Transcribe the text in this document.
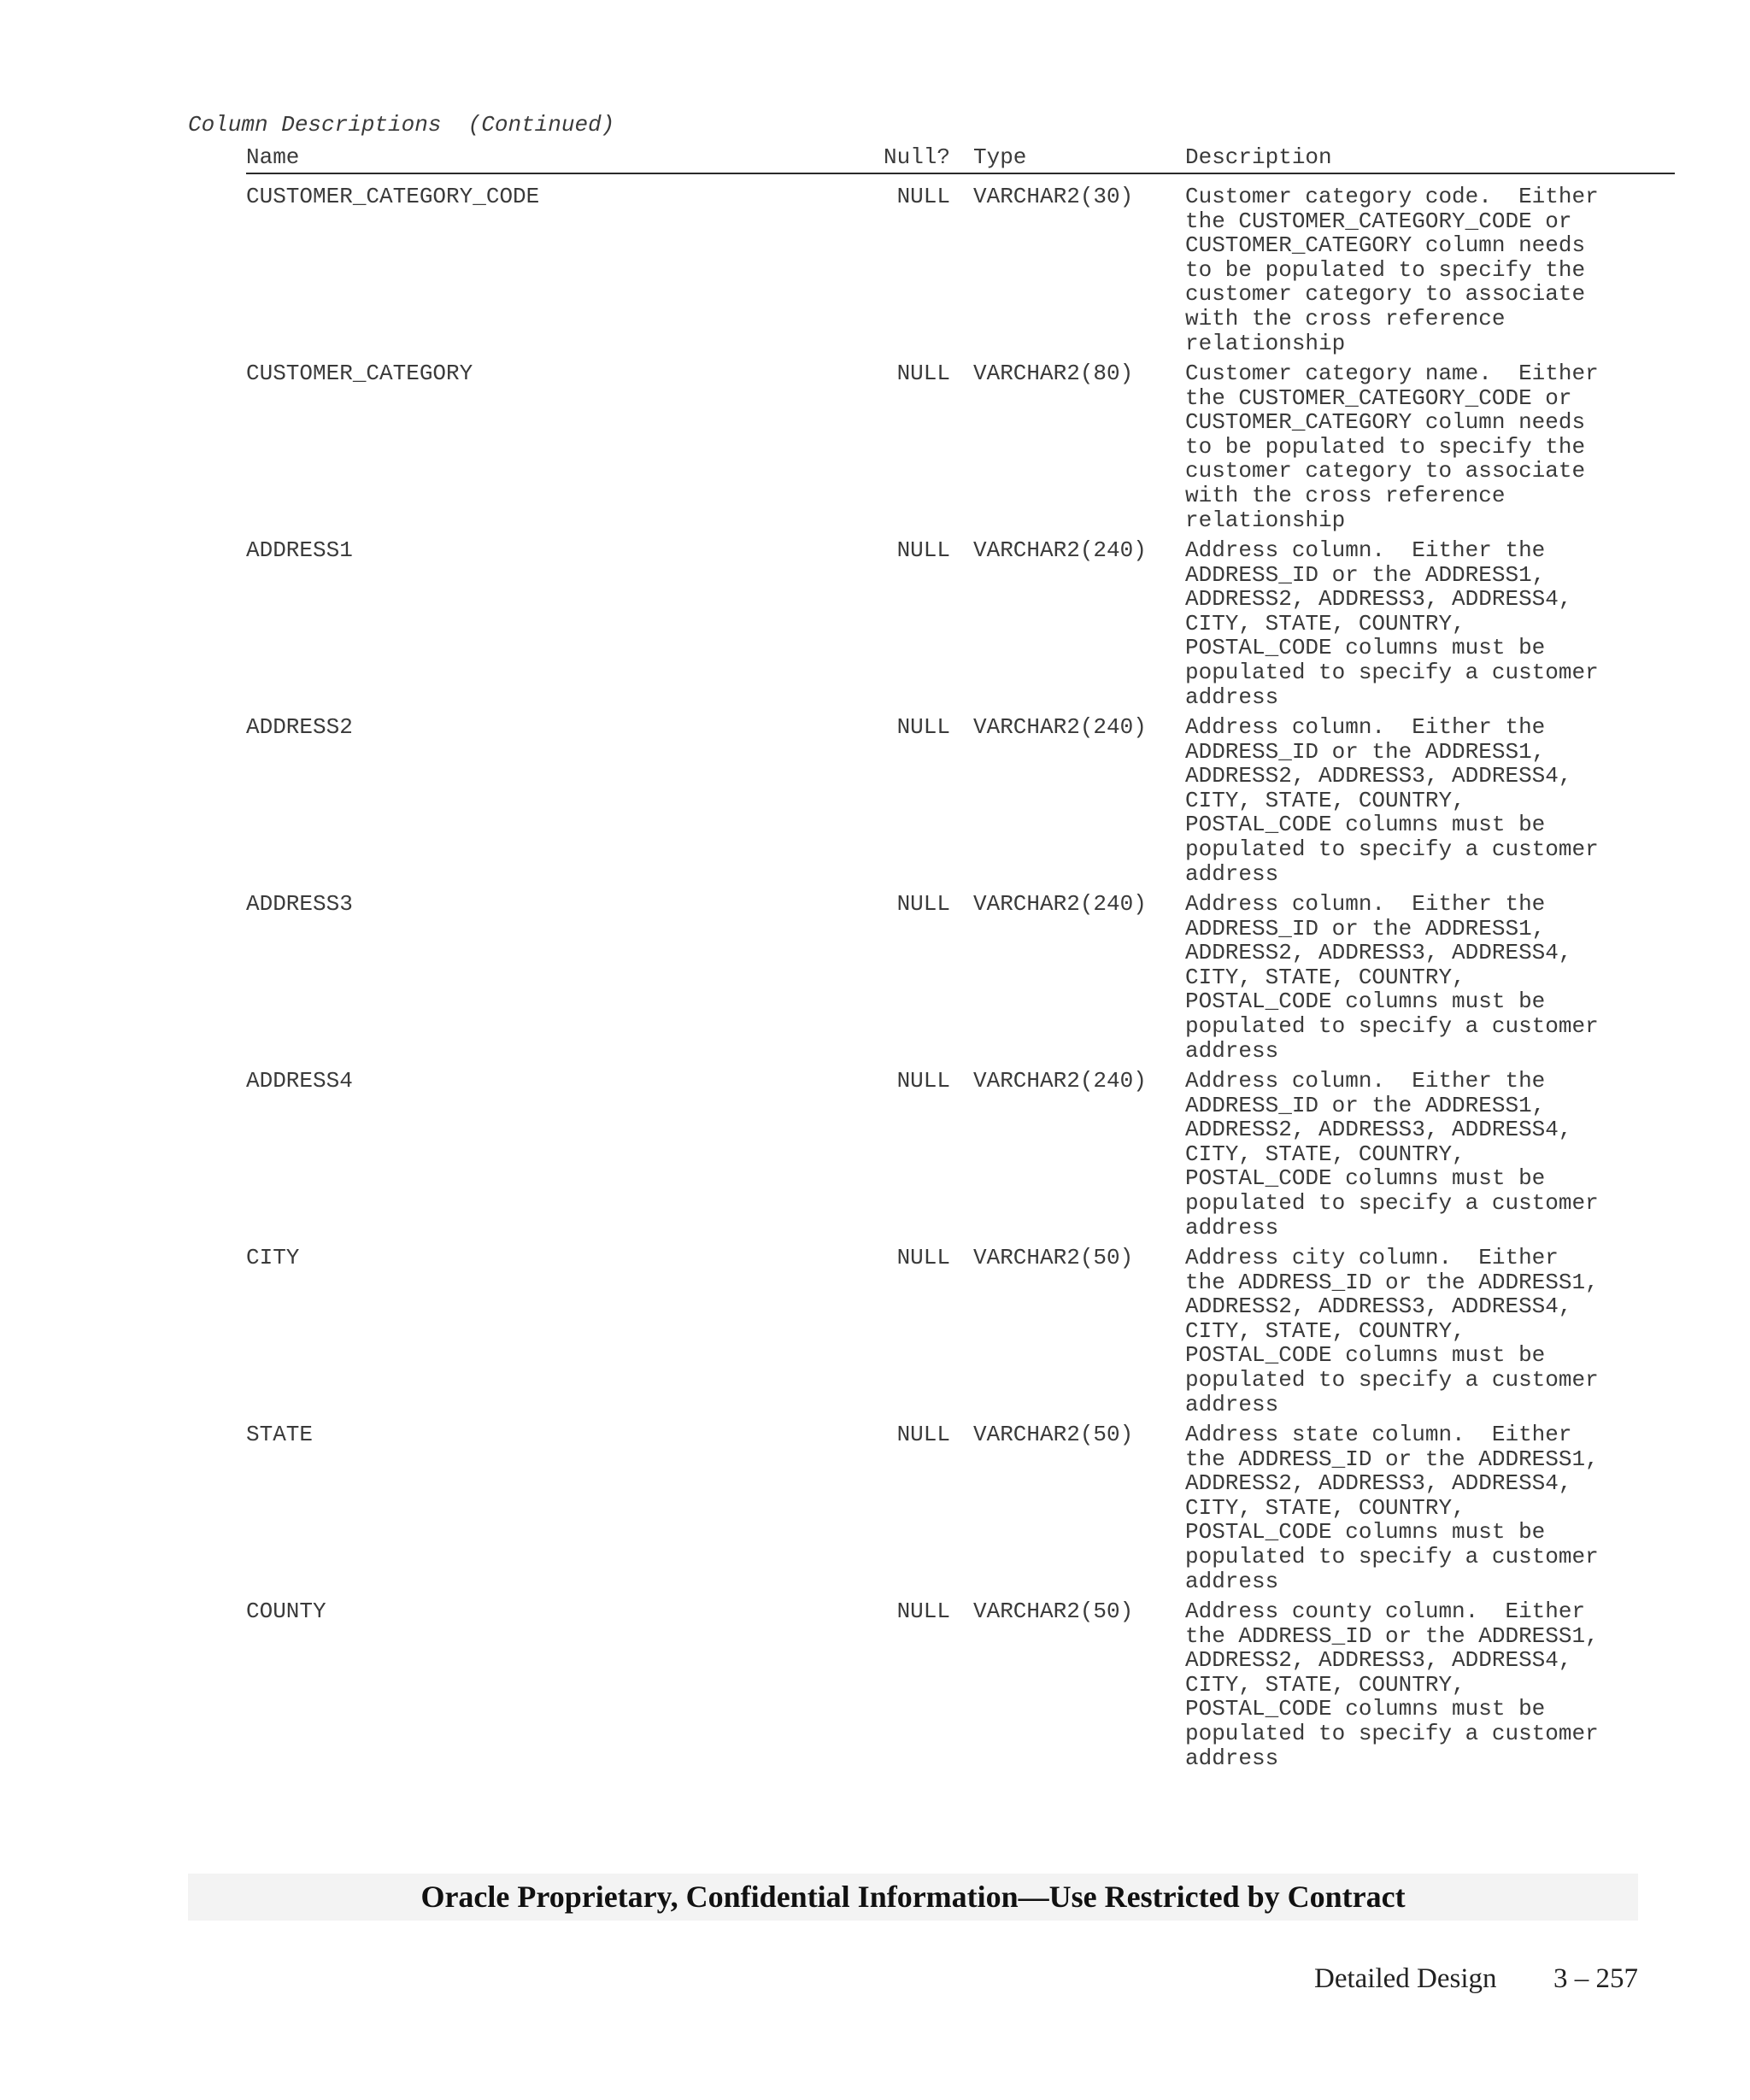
Column Descriptions  (Continued)
Name	Null? Type	Description
CUSTOMER_CATEGORY_CODE	NULL VARCHAR2(30) Customer category code.  Either
the CUSTOMER_CATEGORY_CODE or
CUSTOMER_CATEGORY column needs
to be populated to specify the
customer category to associate
with the cross reference
relationship
CUSTOMER_CATEGORY	NULL VARCHAR2(80) Customer category name.  Either
the CUSTOMER_CATEGORY_CODE or
CUSTOMER_CATEGORY column needs
to be populated to specify the
customer category to associate
with the cross reference
relationship
ADDRESS1	NULL VARCHAR2(240) Address column.  Either the
ADDRESS_ID or the ADDRESS1,
ADDRESS2, ADDRESS3, ADDRESS4,
CITY, STATE, COUNTRY,
POSTAL_CODE columns must be
populated to specify a customer
address
ADDRESS2	NULL VARCHAR2(240) Address column.  Either the
ADDRESS_ID or the ADDRESS1,
ADDRESS2, ADDRESS3, ADDRESS4,
CITY, STATE, COUNTRY,
POSTAL_CODE columns must be
populated to specify a customer
address
ADDRESS3	NULL VARCHAR2(240) Address column.  Either the
ADDRESS_ID or the ADDRESS1,
ADDRESS2, ADDRESS3, ADDRESS4,
CITY, STATE, COUNTRY,
POSTAL_CODE columns must be
populated to specify a customer
address
ADDRESS4	NULL VARCHAR2(240) Address column.  Either the
ADDRESS_ID or the ADDRESS1,
ADDRESS2, ADDRESS3, ADDRESS4,
CITY, STATE, COUNTRY,
POSTAL_CODE columns must be
populated to specify a customer
address
CITY	NULL VARCHAR2(50) Address city column.  Either
the ADDRESS_ID or the ADDRESS1,
ADDRESS2, ADDRESS3, ADDRESS4,
CITY, STATE, COUNTRY,
POSTAL_CODE columns must be
populated to specify a customer
address
STATE	NULL VARCHAR2(50) Address state column.  Either
the ADDRESS_ID or the ADDRESS1,
ADDRESS2, ADDRESS3, ADDRESS4,
CITY, STATE, COUNTRY,
POSTAL_CODE columns must be
populated to specify a customer
address
COUNTY	NULL VARCHAR2(50) Address county column.  Either
the ADDRESS_ID or the ADDRESS1,
ADDRESS2, ADDRESS3, ADDRESS4,
CITY, STATE, COUNTRY,
POSTAL_CODE columns must be
populated to specify a customer
address
Oracle Proprietary, Confidential Information––Use Restricted by Contract
Detailed Design 3 – 257
